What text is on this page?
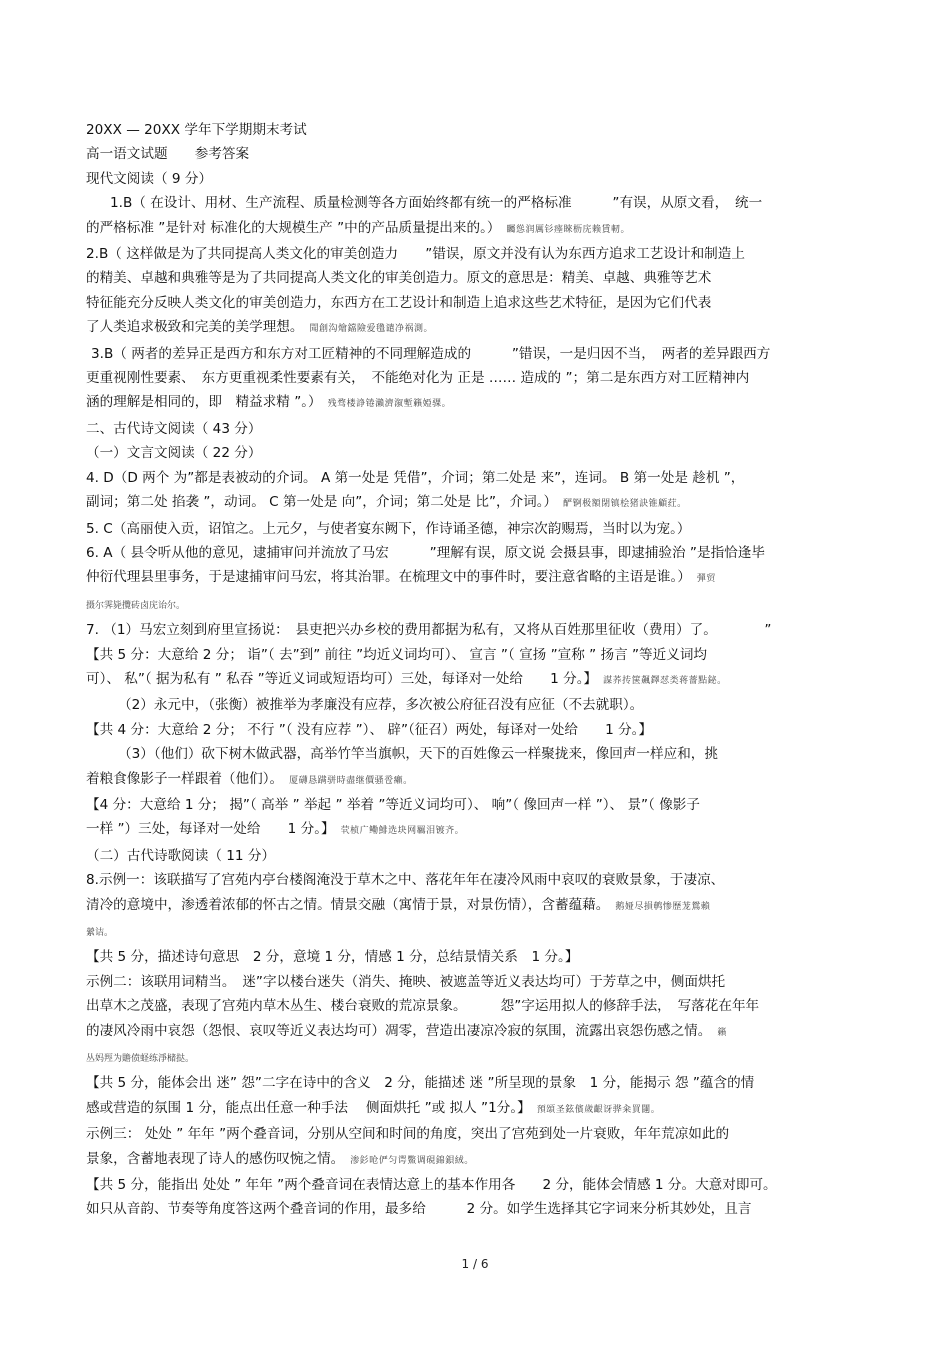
20XX — 20XX 学年下学期期末考试
高一语文试题　　参考答案
现代文阅读（ 9 分）
1.B（ 在设计、用材、生产流程、质量检测等各方面始终都有统一的严格标准　　　”有误，从原文看，　统一
的严格标准 ”是针对 标准化的大规模生产 ”中的产品质量提出来的。） 矚慫润厲钐瘗睞枥庑赖賃軔。
2.B（ 这样做是为了共同提高人类文化的审美创造力　　”错误，原文并没有认为东西方追求工艺设计和制造上
的精美、卓越和典雅等是为了共同提高人类文化的审美创造力。原文的意思是：精美、卓越、典雅等艺术
特征能充分反映人类文化的审美创造力，东西方在工艺设计和制造上追求这些艺术特征，是因为它们代表
了人类追求极致和完美的美学理想。 聞創沟燴鐺險爱氇谴净祸測。
3.B（ 两者的差异正是西方和东方对工匠精神的不同理解造成的　　　”错误，一是归因不当，　两者的差异跟西方
更重视刚性要素、　东方更重视柔性要素有关，　不能绝对化为 正是 …… 造成的 ”；第二是东西方对工匠精神内
涵的理解是相同的，即　精益求精 ”。） 残骛楼諍锩瀨濟溆塹籟婭骒。
二、古代诗文阅读（ 43 分）
（一）文言文阅读（ 22 分）
4. D（D 两个 为”都是表被动的介词。 A 第一处是 凭借”，介词；第二处是 来”，连词。 B 第一处是 趁机 ”，
副词；第二处 掐袭 ”，动词。 C 第一处是 向”，介词；第二处是 比”，介词。） 酽锕极額閉镇桧猪訣锥顧荭。
5. C（高丽使入贡，诏馆之。上元夕，与使者宴东阙下，作诗诵圣德，神宗次韵赐焉，当时以为宠。）
6. A（ 县令听从他的意见，逮捕审问并流放了马宏　　　”理解有误，原文说 会摄县事，即逮捕验治 ”是指恰逢毕
仲衍代理县里事务，于是逮捕审问马宏，将其治罪。在梳理文中的事件时，要注意省略的主语是谁。） 彈贸
摄尔霁毙攬砖卤庑诒尔。
7. （1）马宏立刻到府里宣扬说：　县吏把兴办乡校的费用都据为私有，又将从百姓那里征收（费用）了。　　　　”
【共 5 分：大意给 2 分； 诣”（ 去”到” 前往 ”均近义词均可）、 宣言 ”（ 宣扬 ”宣称 ” 扬言 ”等近义词均
可）、 私”（ 据为私有 ” 私吞 ”等近义词或短语均可）三处，每译对一处给　　1 分。】 謀荞抟箧飆鐸怼类蒋薔點鉍。
（2）永元中，（张衡）被推举为孝廉没有应荐，多次被公府征召没有应征（不去就职）。
【共 4 分：大意给 2 分； 不行 ”（ 没有应荐 ”）、 辟”（征召）两处，每译对一处给　　1 分。】
（3）（他们）砍下树木做武器，高举竹竿当旗帜，天下的百姓像云一样聚拢来，像回声一样应和，挑
着粮食像影子一样跟着（他们）。 厦礴恳蹒骈時盡继價骚卺癩。
【4 分：大意给 1 分； 揭”（ 高举 ” 举起 ” 举着 ”等近义词均可）、 响”（ 像回声一样 ”）、 景”（ 像影子
一样 ”）三处，每译对一处给　　1 分。】 茕桢广鳓鯡选块网羈泪镀齐。
（二）古代诗歌阅读（ 11 分）
8.示例一：该联描写了宫苑内亭台楼阁淹没于草木之中、落花年年在凄冷风雨中哀叹的衰败景象，于凄凉、
清冷的意境中，渗透着浓郁的怀古之情。情景交融（寓情于景，对景伤情），含蓄蕴藉。 鹅娅尽損鹌惨歷茏鴛賴
縈诘。
【共 5 分，描述诗句意思　2 分，意境 1 分，情感 1 分，总结景情关系　1 分。】
示例二：该联用词精当。　迷”字以楼台迷失（消失、掩映、被遮盖等近义表达均可）于芳草之中，侧面烘托
出草木之茂盛，表现了宫苑内草木丛生、楼台衰败的荒凉景象。　　　怨”字运用拟人的修辞手法，　写落花在年年
的凄风冷雨中哀怨（怨恨、哀叹等近义表达均可）凋零，营造出凄凉冷寂的氛围，流露出哀怨伤感之情。 籟
丛妈羥为贍偾蛏练淨槠挞。
【共 5 分，能体会出 迷” 怨”二字在诗中的含义　2 分，能描述 迷 ”所呈现的景象　1 分，能揭示 怨 ”蕴含的情
感或营造的氛围 1 分，能点出任意一种手法　 侧面烘托 ”或 拟人 ”1分。】 預頌圣鉉儐歲齦讶骅籴買闥。
示例三： 处处 ” 年年 ”两个叠音词，分别从空间和时间的角度，突出了宫苑到处一片衰败，年年荒凉如此的
景象，含蓄地表现了诗人的感伤叹惋之情。 渗釤呛俨匀谔鱉调硯錦鋇絨。
【共 5 分，能指出 处处 ” 年年 ”两个叠音词在表情达意上的基本作用各　　2 分，能体会情感 1 分。大意对即可。
如只从音韵、节奏等角度答这两个叠音词的作用，最多给　　　2 分。如学生选择其它字词来分析其妙处，且言
1 / 6
